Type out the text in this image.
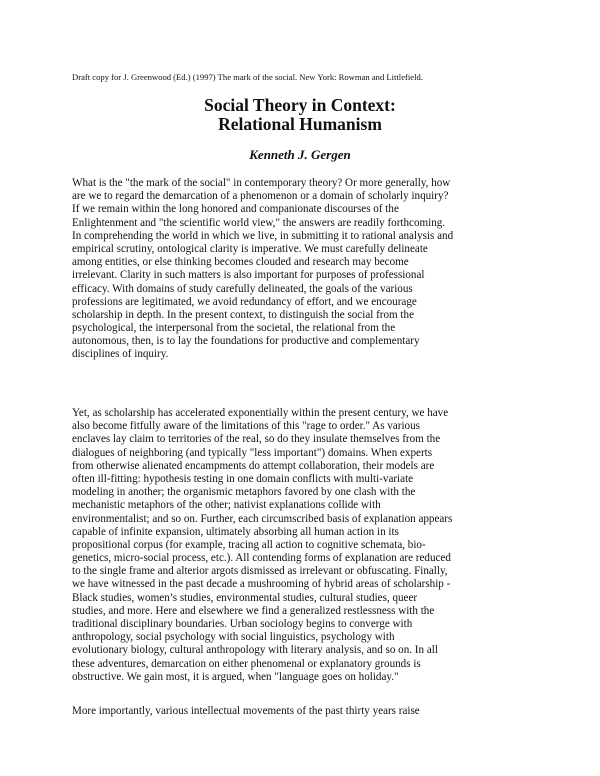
Draft copy for J. Greenwood (Ed.) (1997) The mark of the social. New York: Rowman and Littlefield.
Social Theory in Context:
Relational Humanism
Kenneth J. Gergen
What is the "the mark of the social" in contemporary theory? Or more generally, how
are we to regard the demarcation of a phenomenon or a domain of scholarly inquiry?
If we remain within the long honored and companionate discourses of the
Enlightenment and "the scientific world view," the answers are readily forthcoming.
In comprehending the world in which we live, in submitting it to rational analysis and
empirical scrutiny, ontological clarity is imperative. We must carefully delineate
among entities, or else thinking becomes clouded and research may become
irrelevant. Clarity in such matters is also important for purposes of professional
efficacy. With domains of study carefully delineated, the goals of the various
professions are legitimated, we avoid redundancy of effort, and we encourage
scholarship in depth. In the present context, to distinguish the social from the
psychological, the interpersonal from the societal, the relational from the
autonomous, then, is to lay the foundations for productive and complementary
disciplines of inquiry.
Yet, as scholarship has accelerated exponentially within the present century, we have
also become fitfully aware of the limitations of this "rage to order." As various
enclaves lay claim to territories of the real, so do they insulate themselves from the
dialogues of neighboring (and typically "less important") domains. When experts
from otherwise alienated encampments do attempt collaboration, their models are
often ill-fitting: hypothesis testing in one domain conflicts with multi-variate
modeling in another; the organismic metaphors favored by one clash with the
mechanistic metaphors of the other; nativist explanations collide with
environmentalist; and so on. Further, each circumscribed basis of explanation appears
capable of infinite expansion, ultimately absorbing all human action in its
propositional corpus (for example, tracing all action to cognitive schemata, bio-
genetics, micro-social process, etc.). All contending forms of explanation are reduced
to the single frame and alterior argots dismissed as irrelevant or obfuscating. Finally,
we have witnessed in the past decade a mushrooming of hybrid areas of scholarship -
Black studies, women’s studies, environmental studies, cultural studies, queer
studies, and more. Here and elsewhere we find a generalized restlessness with the
traditional disciplinary boundaries. Urban sociology begins to converge with
anthropology, social psychology with social linguistics, psychology with
evolutionary biology, cultural anthropology with literary analysis, and so on. In all
these adventures, demarcation on either phenomenal or explanatory grounds is
obstructive. We gain most, it is argued, when "language goes on holiday."
More importantly, various intellectual movements of the past thirty years raise
